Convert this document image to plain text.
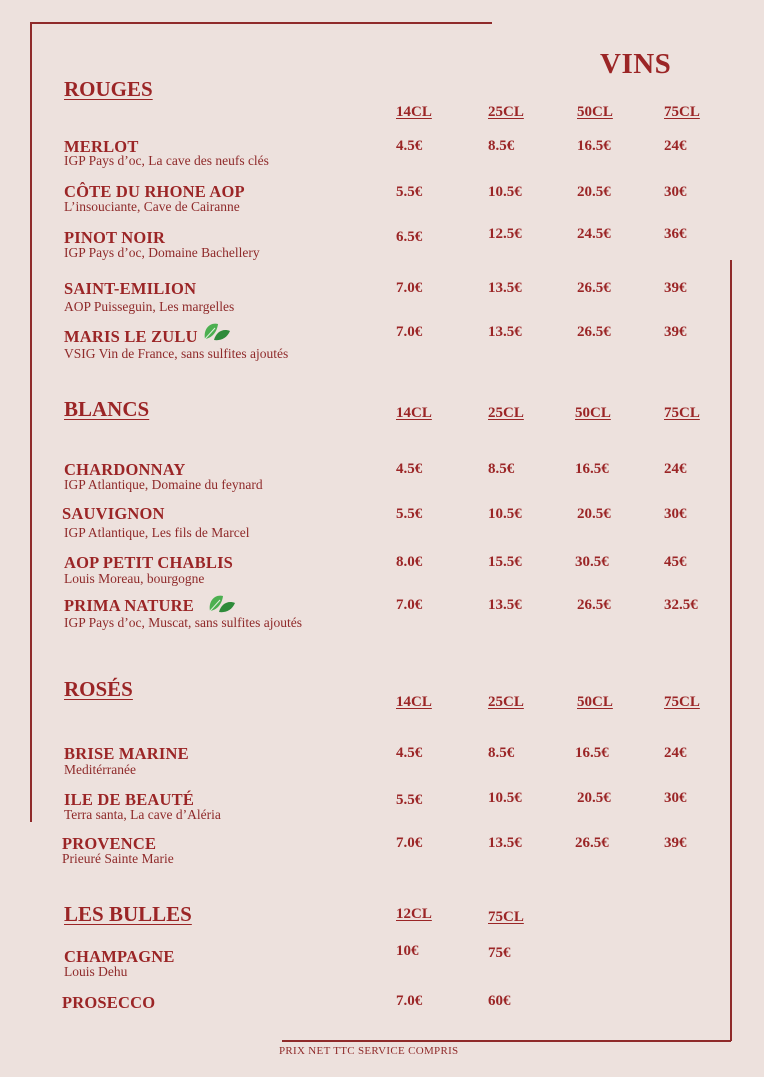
VINS
ROUGES
14CL	25CL	50CL	75CL
MERLOT
IGP Pays d’oc, La cave des neufs clés
4.5€	8.5€	16.5€	24€
CÔTE DU RHONE AOP
L’insouciante, Cave de Cairanne
5.5€	10.5€	20.5€	30€
PINOT NOIR
IGP Pays d’oc, Domaine Bachellery
6.5€	12.5€	24.5€	36€
SAINT-EMILION
AOP Puisseguin, Les margelles
7.0€	13.5€	26.5€	39€
MARIS LE ZULU
VSIG Vin de France, sans sulfites ajoutés
7.0€	13.5€	26.5€	39€
BLANCS	14CL	25CL	50CL	75CL
CHARDONNAY
IGP Atlantique, Domaine du feynard
4.5€	8.5€	16.5€	24€
SAUVIGNON
IGP Atlantique, Les fils de Marcel
5.5€	10.5€	20.5€	30€
AOP PETIT CHABLIS
Louis Moreau, bourgogne
8.0€	15.5€	30.5€	45€
PRIMA NATURE
IGP Pays d’oc, Muscat, sans sulfites ajoutés
7.0€	13.5€	26.5€	32.5€
ROSÉS
14CL	25CL	50CL	75CL
BRISE MARINE
Meditérranée
4.5€	8.5€	16.5€	24€
ILE DE BEAUTÉ
Terra santa, La cave d’Aléria
5.5€	10.5€	20.5€	30€
PROVENCE
Prieuré Sainte Marie
7.0€	13.5€	26.5€	39€
LES BULLES	12CL	75CL
CHAMPAGNE
Louis Dehu
10€	75€
PROSECCO	7.0€	60€
PRIX NET TTC SERVICE COMPRIS
